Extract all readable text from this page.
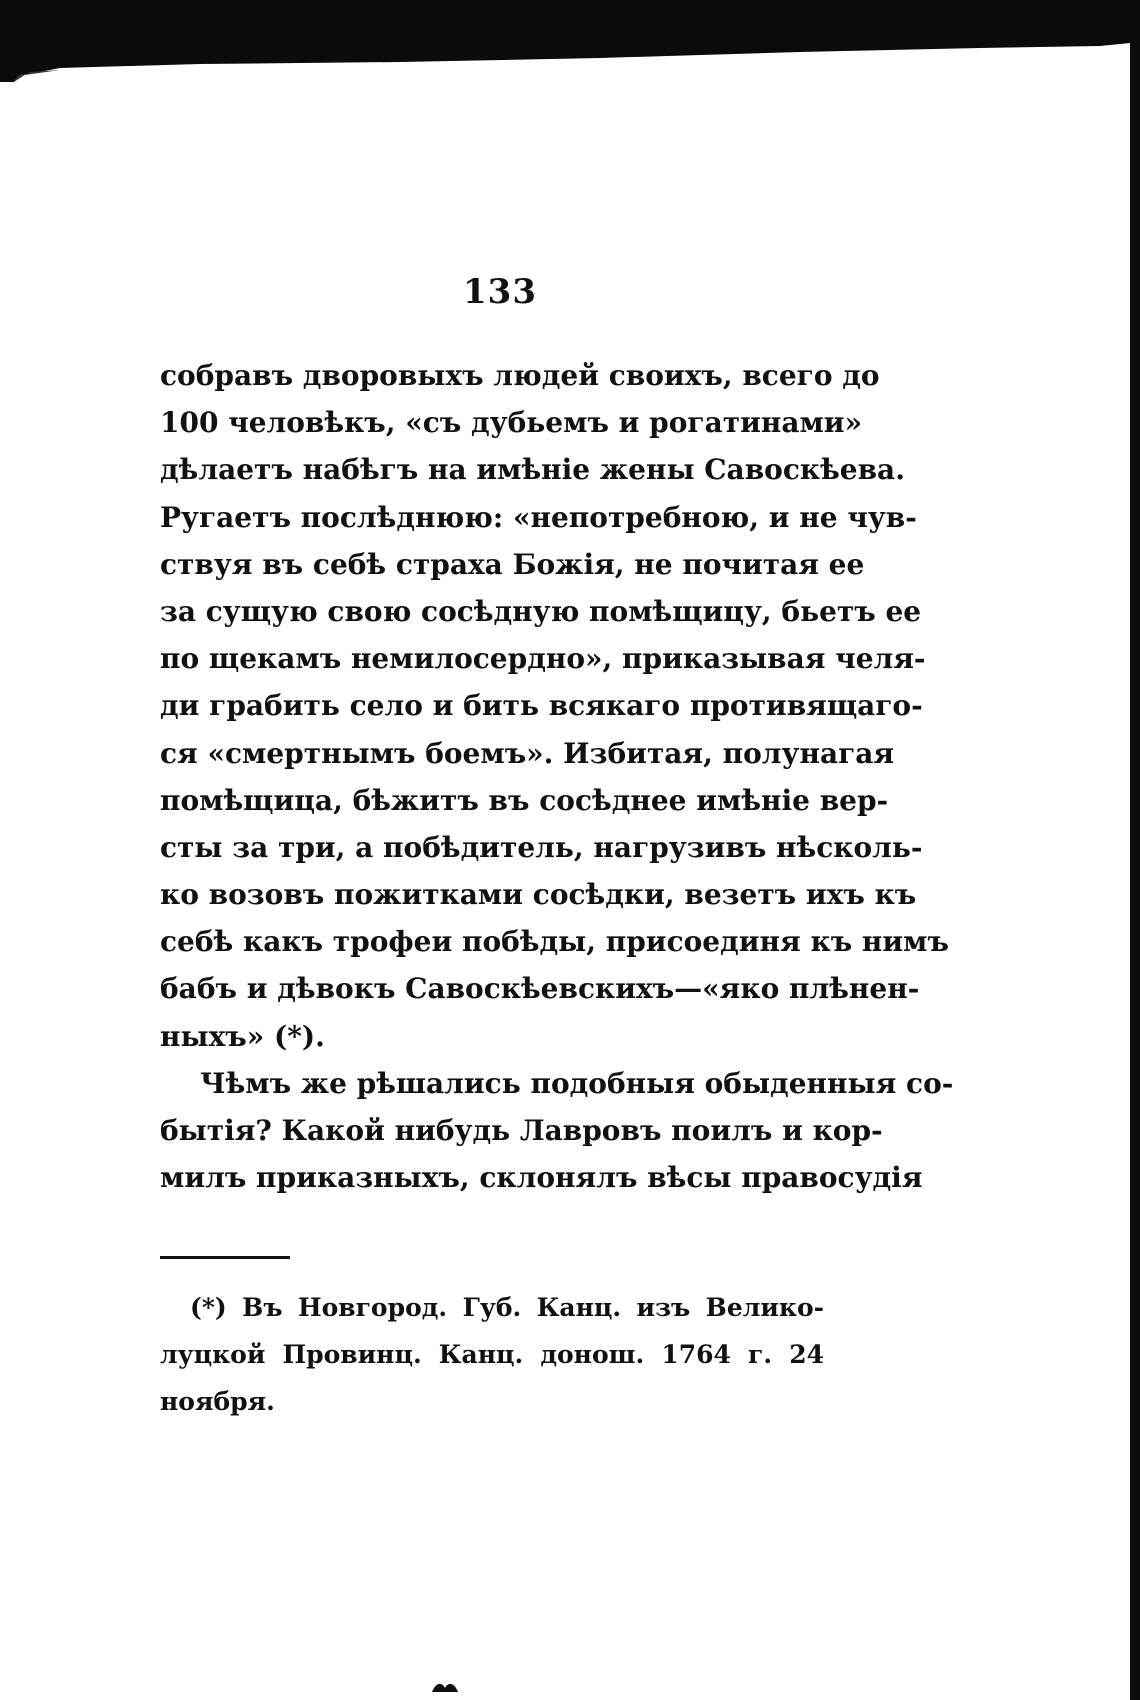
133
собравъ дворовыхъ людей своихъ, всего до
100 человѣкъ, «съ дубьемъ и рогатинами»
дѣлаетъ набѣгъ на имѣніе жены Савоскѣева.
Ругаетъ послѣднюю: «непотребною, и не чув-
ствуя въ себѣ страха Божія, не почитая ее
за сущую свою сосѣдную помѣщицу, бьетъ ее
по щекамъ немилосердно», приказывая челя-
ди грабить село и бить всякаго противящаго-
ся «смертнымъ боемъ». Избитая, полунагая
помѣщица, бѣжитъ въ сосѣднее имѣніе вер-
сты за три, а побѣдитель, нагрузивъ нѣсколь-
ко возовъ пожитками сосѣдки, везетъ ихъ къ
себѣ какъ трофеи побѣды, присоединя къ нимъ
бабъ и дѣвокъ Савоскѣевскихъ—«яко плѣнен-
ныхъ» (*).
Чѣмъ же рѣшались подобныя обыденныя со-
бытія? Какой нибудь Лавровъ поилъ и кор-
милъ приказныхъ, склонялъ вѣсы правосудія
(*) Въ Новгород. Губ. Канц. изъ Велико-
луцкой Провинц. Канц. донош. 1764 г. 24
ноября.
